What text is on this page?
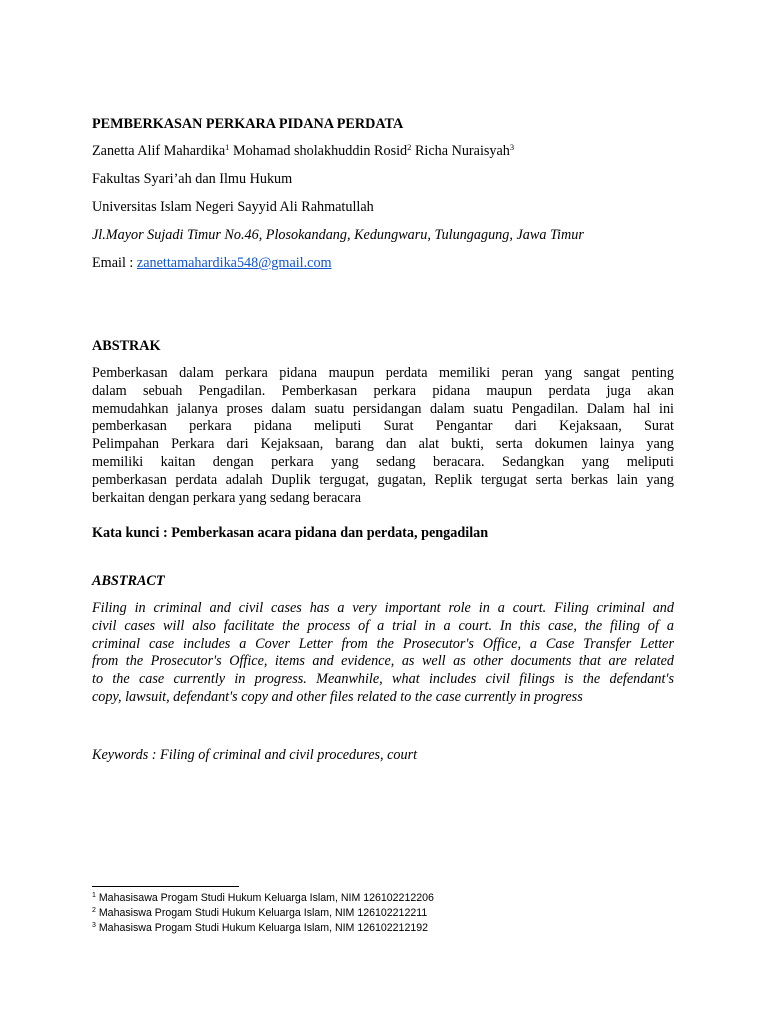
PEMBERKASAN PERKARA PIDANA PERDATA
Zanetta Alif Mahardika$^1$ Mohamad sholakhuddin Rosid$^2$ Richa Nuraisyah$^3$
Fakultas Syari’ah dan Ilmu Hukum
Universitas Islam Negeri Sayyid Ali Rahmatullah
Jl.Mayor Sujadi Timur No.46, Plosokandang, Kedungwaru, Tulungagung, Jawa Timur
Email : zanettamahardika548@gmail.com
ABSTRAK
Pemberkasan dalam perkara pidana maupun perdata memiliki peran yang sangat penting
dalam sebuah Pengadilan. Pemberkasan perkara pidana maupun perdata juga akan
memudahkan jalanya proses dalam suatu persidangan dalam suatu Pengadilan. Dalam hal ini
pemberkasan perkara pidana meliputi Surat Pengantar dari Kejaksaan, Surat
Pelimpahan Perkara dari Kejaksaan, barang dan alat bukti, serta dokumen lainya yang
memiliki kaitan dengan perkara yang sedang beracara. Sedangkan yang meliputi
pemberkasan perdata adalah Duplik tergugat, gugatan, Replik tergugat serta berkas lain yang
berkaitan dengan perkara yang sedang beracara
Kata kunci : Pemberkasan acara pidana dan perdata, pengadilan
ABSTRACT
Filing in criminal and civil cases has a very important role in a court. Filing criminal and
civil cases will also facilitate the process of a trial in a court. In this case, the filing of a
criminal case includes a Cover Letter from the Prosecutor's Office, a Case Transfer Letter
from the Prosecutor's Office, items and evidence, as well as other documents that are related
to the case currently in progress. Meanwhile, what includes civil filings is the defendant's
copy, lawsuit, defendant's copy and other files related to the case currently in progress
Keywords : Filing of criminal and civil procedures, court
$^1$ Mahasisawa Progam Studi Hukum Keluarga Islam, NIM 126102212206
$^2$ Mahasiswa Progam Studi Hukum Keluarga Islam, NIM 126102212211
$^3$ Mahasiswa Progam Studi Hukum Keluarga Islam, NIM 126102212192
